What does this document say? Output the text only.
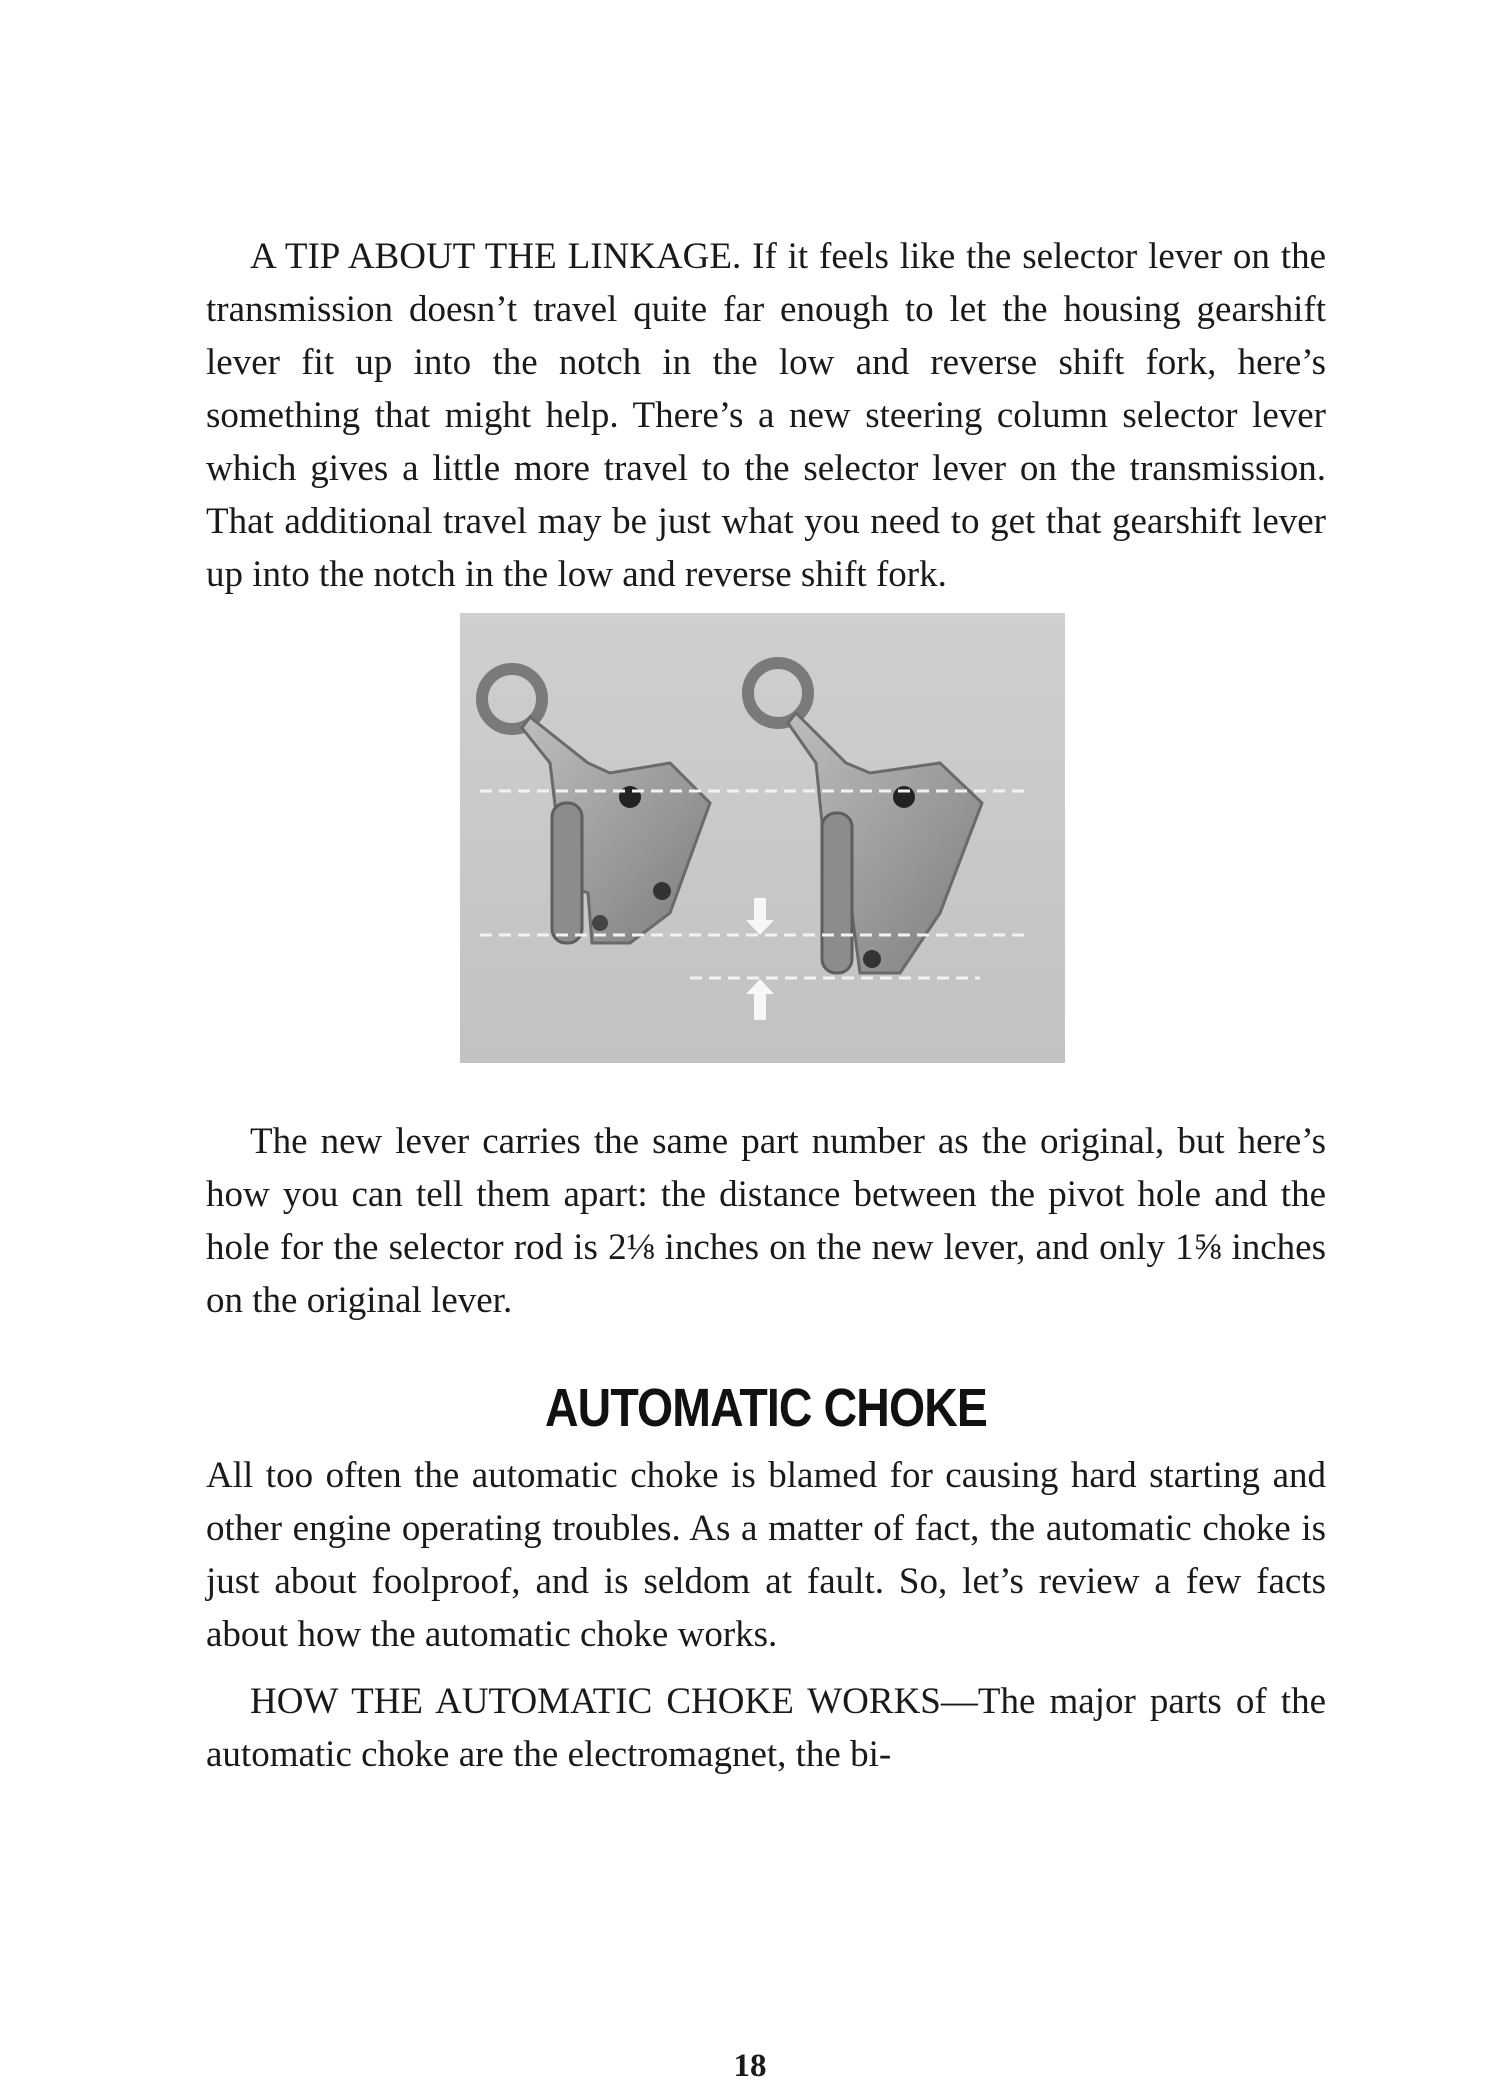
A TIP ABOUT THE LINKAGE. If it feels like the selector lever on the transmission doesn’t travel quite far enough to let the housing gearshift lever fit up into the notch in the low and reverse shift fork, here’s something that might help. There’s a new steering column selector lever which gives a little more travel to the selector lever on the transmission. That additional travel may be just what you need to get that gearshift lever up into the notch in the low and reverse shift fork.

The new lever carries the same part number as the original, but here’s how you can tell them apart: the distance between the pivot hole and the hole for the selector rod is 2⅛ inches on the new lever, and only 1⅝ inches on the original lever.

AUTOMATIC CHOKE

All too often the automatic choke is blamed for causing hard starting and other engine operating troubles. As a matter of fact, the automatic choke is just about foolproof, and is seldom at fault. So, let’s review a few facts about how the automatic choke works.

HOW THE AUTOMATIC CHOKE WORKS—The major parts of the automatic choke are the electromagnet, the bi-

18
